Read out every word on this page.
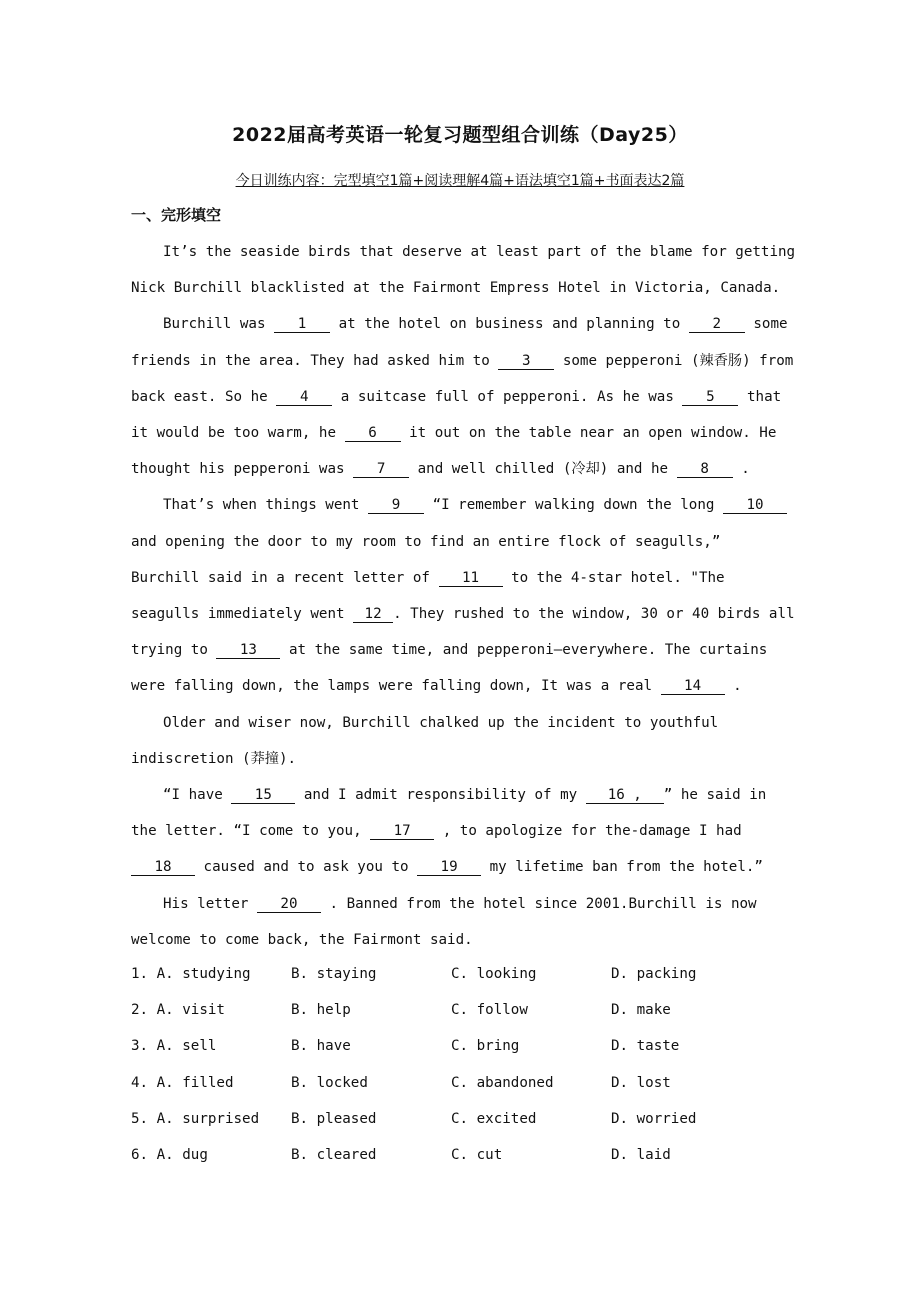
2022届高考英语一轮复习题型组合训练（Day25）
今日训练内容：完型填空1篇+阅读理解4篇+语法填空1篇+书面表达2篇
一、完形填空

It’s the seaside birds that deserve at least part of the blame for getting Nick Burchill blacklisted at the Fairmont Empress Hotel in Victoria, Canada.

Burchill was 1 at the hotel on business and planning to 2 some friends in the area. They had asked him to 3 some pepperoni (辣香肠) from back east. So he 4 a suitcase full of pepperoni. As he was 5 that it would be too warm, he 6 it out on the table near an open window. He thought his pepperoni was 7 and well chilled (冷却) and he 8 .

That’s when things went 9 “I remember walking down the long 10 and opening the door to my room to find an entire flock of seagulls,” Burchill said in a recent letter of 11 to the 4-star hotel. "The seagulls immediately went 12 . They rushed to the window, 30 or 40 birds all trying to 13 at the same time, and pepperoni—everywhere. The curtains were falling down, the lamps were falling down, It was a real 14 .

Older and wiser now, Burchill chalked up the incident to youthful indiscretion (莽撞).

“I have 15 and I admit responsibility of my 16 , ” he said in the letter. “I come to you, 17 , to apologize for the-damage I had 18 caused and to ask you to 19 my lifetime ban from the hotel.”

His letter 20 . Banned from the hotel since 2001.Burchill is now welcome to come back, the Fairmont said.

1. A. studying	B. staying	C. looking	D. packing
2. A. visit	B. help	C. follow	D. make
3. A. sell	B. have	C. bring	D. taste
4. A. filled	B. locked	C. abandoned	D. lost
5. A. surprised	B. pleased	C. excited	D. worried
6. A. dug	B. cleared	C. cut	D. laid
